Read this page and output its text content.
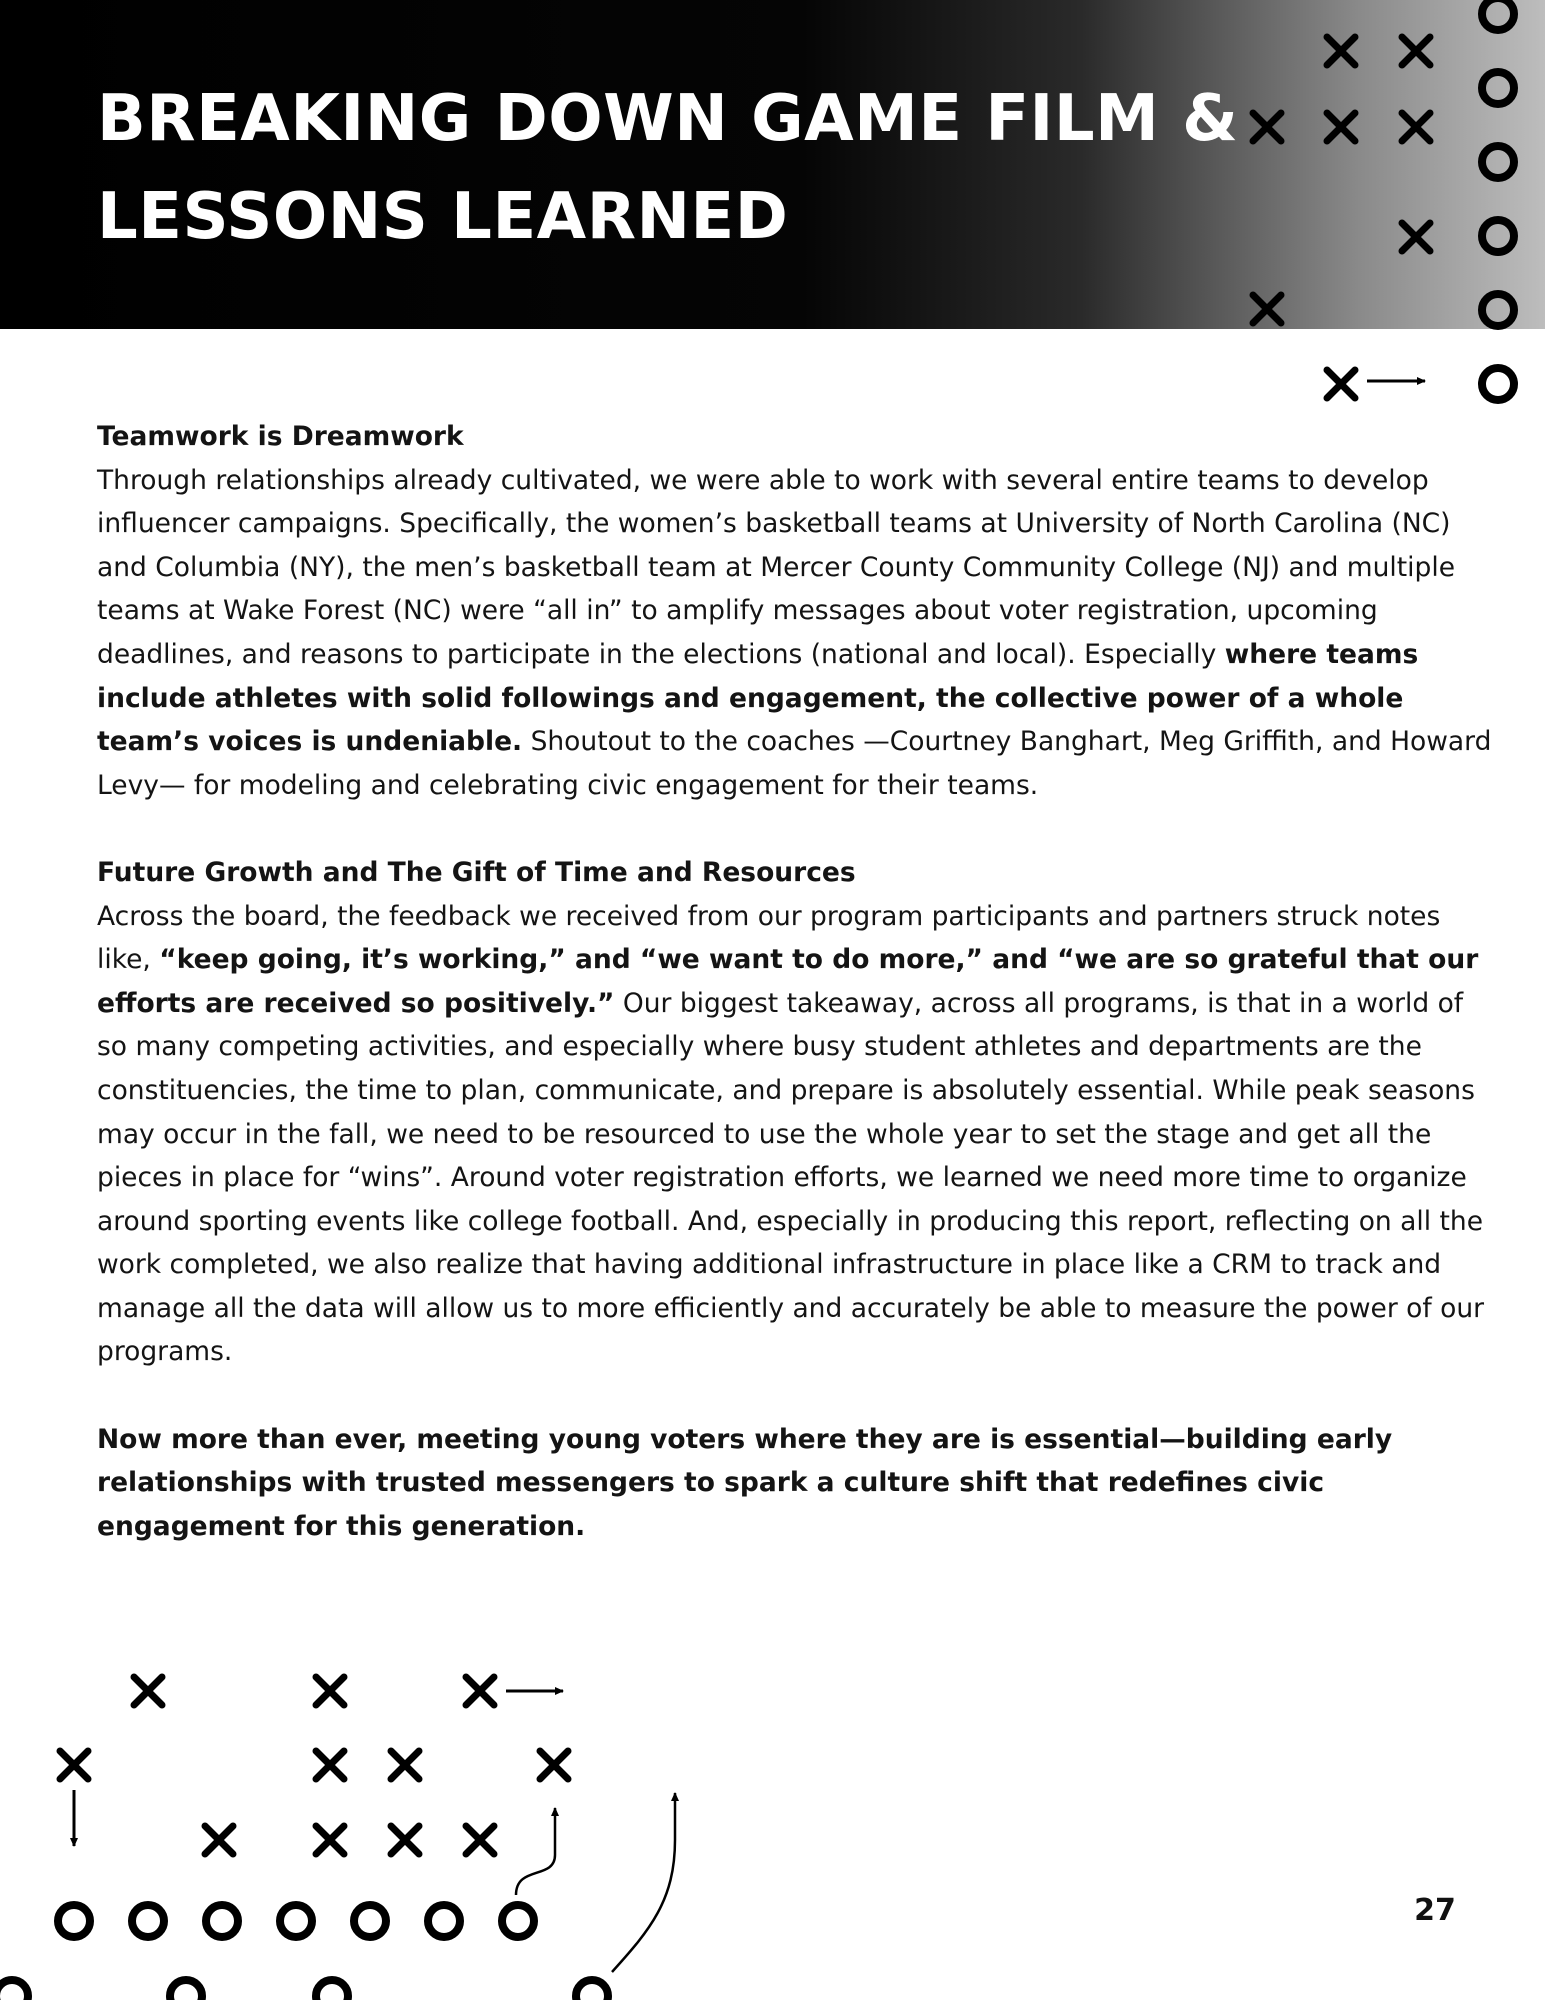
BREAKING DOWN GAME FILM &
LESSONS LEARNED
Teamwork is Dreamwork

Through relationships already cultivated, we were able to work with several entire teams to develop influencer campaigns. Specifically, the women’s basketball teams at University of North Carolina (NC) and Columbia (NY), the men’s basketball team at Mercer County Community College (NJ) and multiple teams at Wake Forest (NC) were “all in” to amplify messages about voter registration, upcoming deadlines, and reasons to participate in the elections (national and local). Especially where teams include athletes with solid followings and engagement, the collective power of a whole team’s voices is undeniable. Shoutout to the coaches —Courtney Banghart, Meg Griffith, and Howard Levy— for modeling and celebrating civic engagement for their teams.

Future Growth and The Gift of Time and Resources

Across the board, the feedback we received from our program participants and partners struck notes like, “keep going, it’s working,” and “we want to do more,” and “we are so grateful that our efforts are received so positively.” Our biggest takeaway, across all programs, is that in a world of so many competing activities, and especially where busy student athletes and departments are the constituencies, the time to plan, communicate, and prepare is absolutely essential. While peak seasons may occur in the fall, we need to be resourced to use the whole year to set the stage and get all the pieces in place for “wins”. Around voter registration efforts, we learned we need more time to organize around sporting events like college football. And, especially in producing this report, reflecting on all the work completed, we also realize that having additional infrastructure in place like a CRM to track and manage all the data will allow us to more efficiently and accurately be able to measure the power of our programs.

Now more than ever, meeting young voters where they are is essential—building early relationships with trusted messengers to spark a culture shift that redefines civic engagement for this generation.

27
